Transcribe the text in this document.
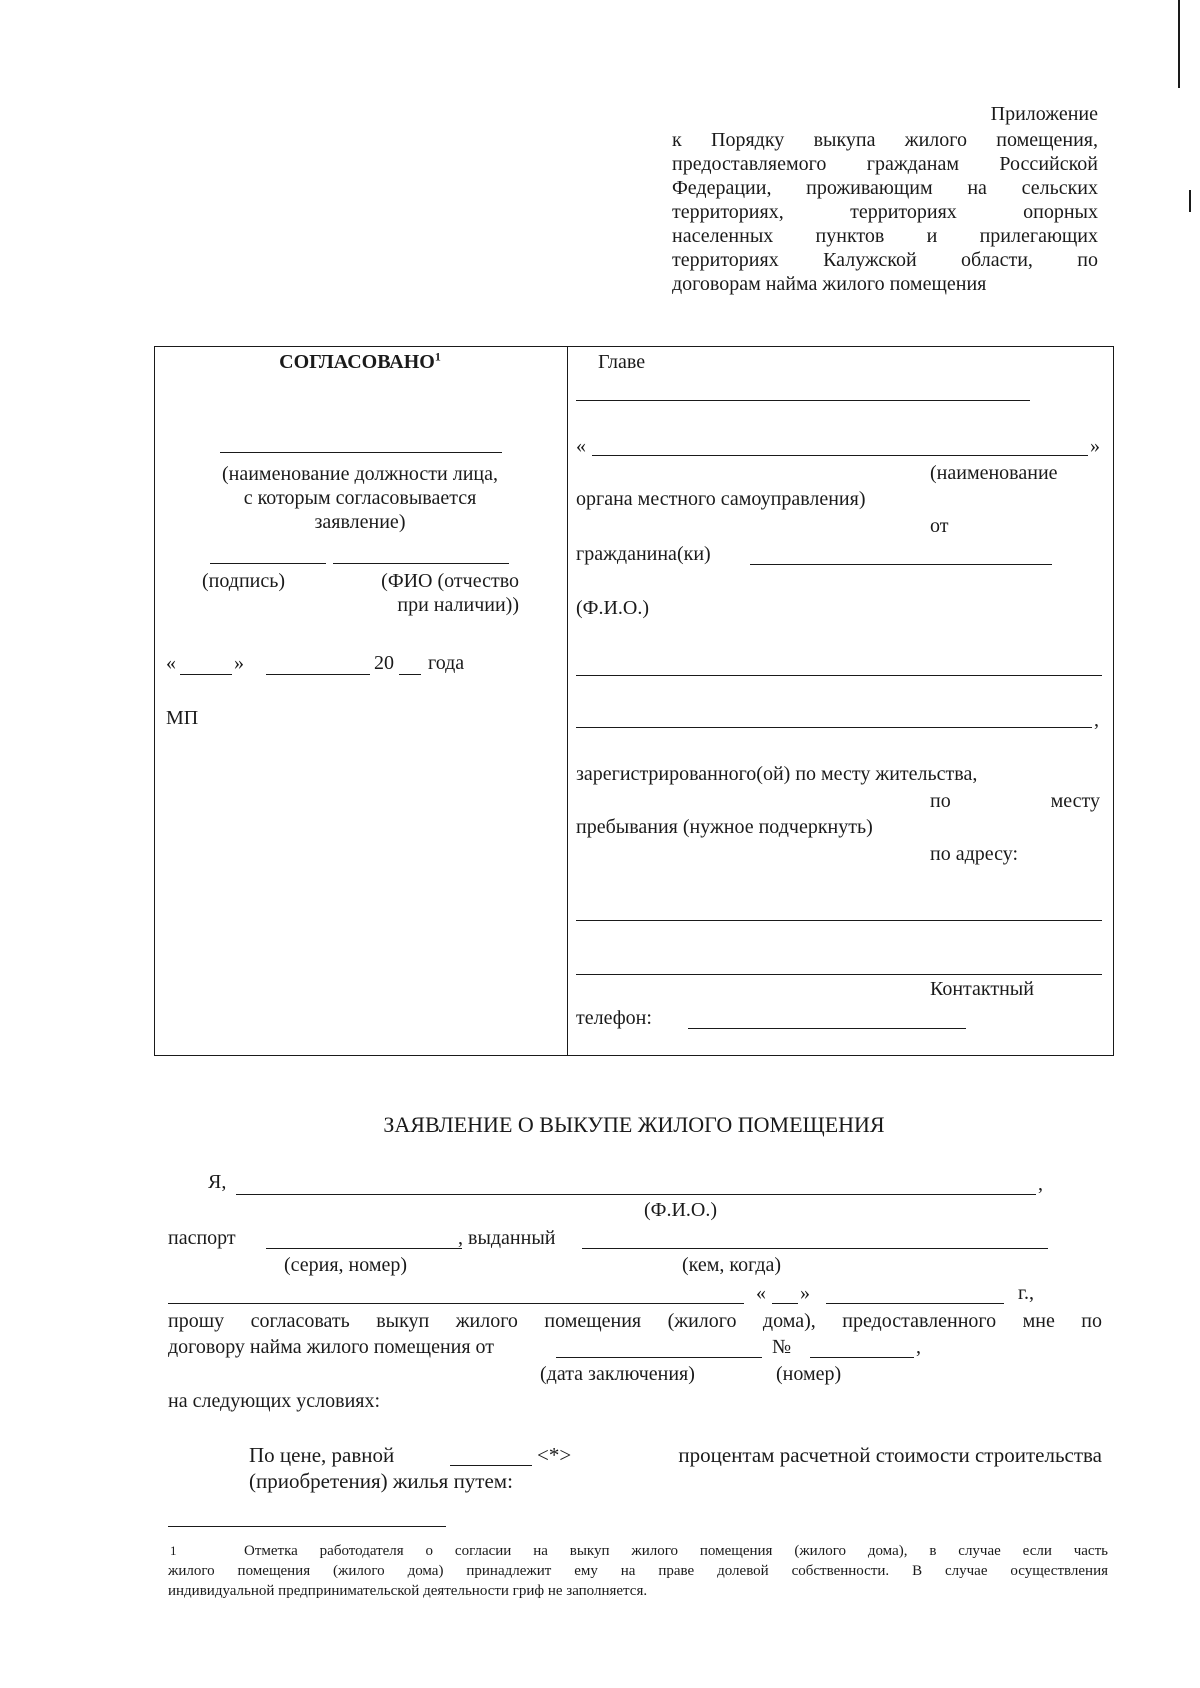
Приложение
к Порядку выкупа жилого помещения,
предоставляемого гражданам Российской
Федерации, проживающим на сельских
территориях, территориях опорных
населенных пунктов и прилегающих
территориях Калужской области, по
договорам найма жилого помещения
СОГЛАСОВАНО$^1$
(наименование должности лица,
с которым согласовывается
заявление)
(подпись)	(ФИО (отчество
при наличии))
«	»	20 года
МП
Главе
«	»
(наименование
органа местного самоуправления)
от
гражданина(ки)
(Ф.И.О.)
,
зарегистрированного(ой) по месту жительства,
по	месту
пребывания (нужное подчеркнуть)
по адресу:
Контактный
телефон:
ЗАЯВЛЕНИЕ О ВЫКУПЕ ЖИЛОГО ПОМЕЩЕНИЯ
Я,	,
(Ф.И.О.)
паспорт	, выданный
(серия, номер)	(кем, когда)
« »	г.,
прошу согласовать выкуп жилого помещения (жилого дома), предоставленного мне по
договору найма жилого помещения от	№	,
(дата заключения)	(номер)
на следующих условиях:
По цене, равной	<*>	процентам расчетной стоимости строительства
(приобретения) жилья путем:
1	Отметка работодателя о согласии на выкуп жилого помещения (жилого дома), в случае если часть
жилого помещения (жилого дома) принадлежит ему на праве долевой собственности. В случае осуществления
индивидуальной предпринимательской деятельности гриф не заполняется.
